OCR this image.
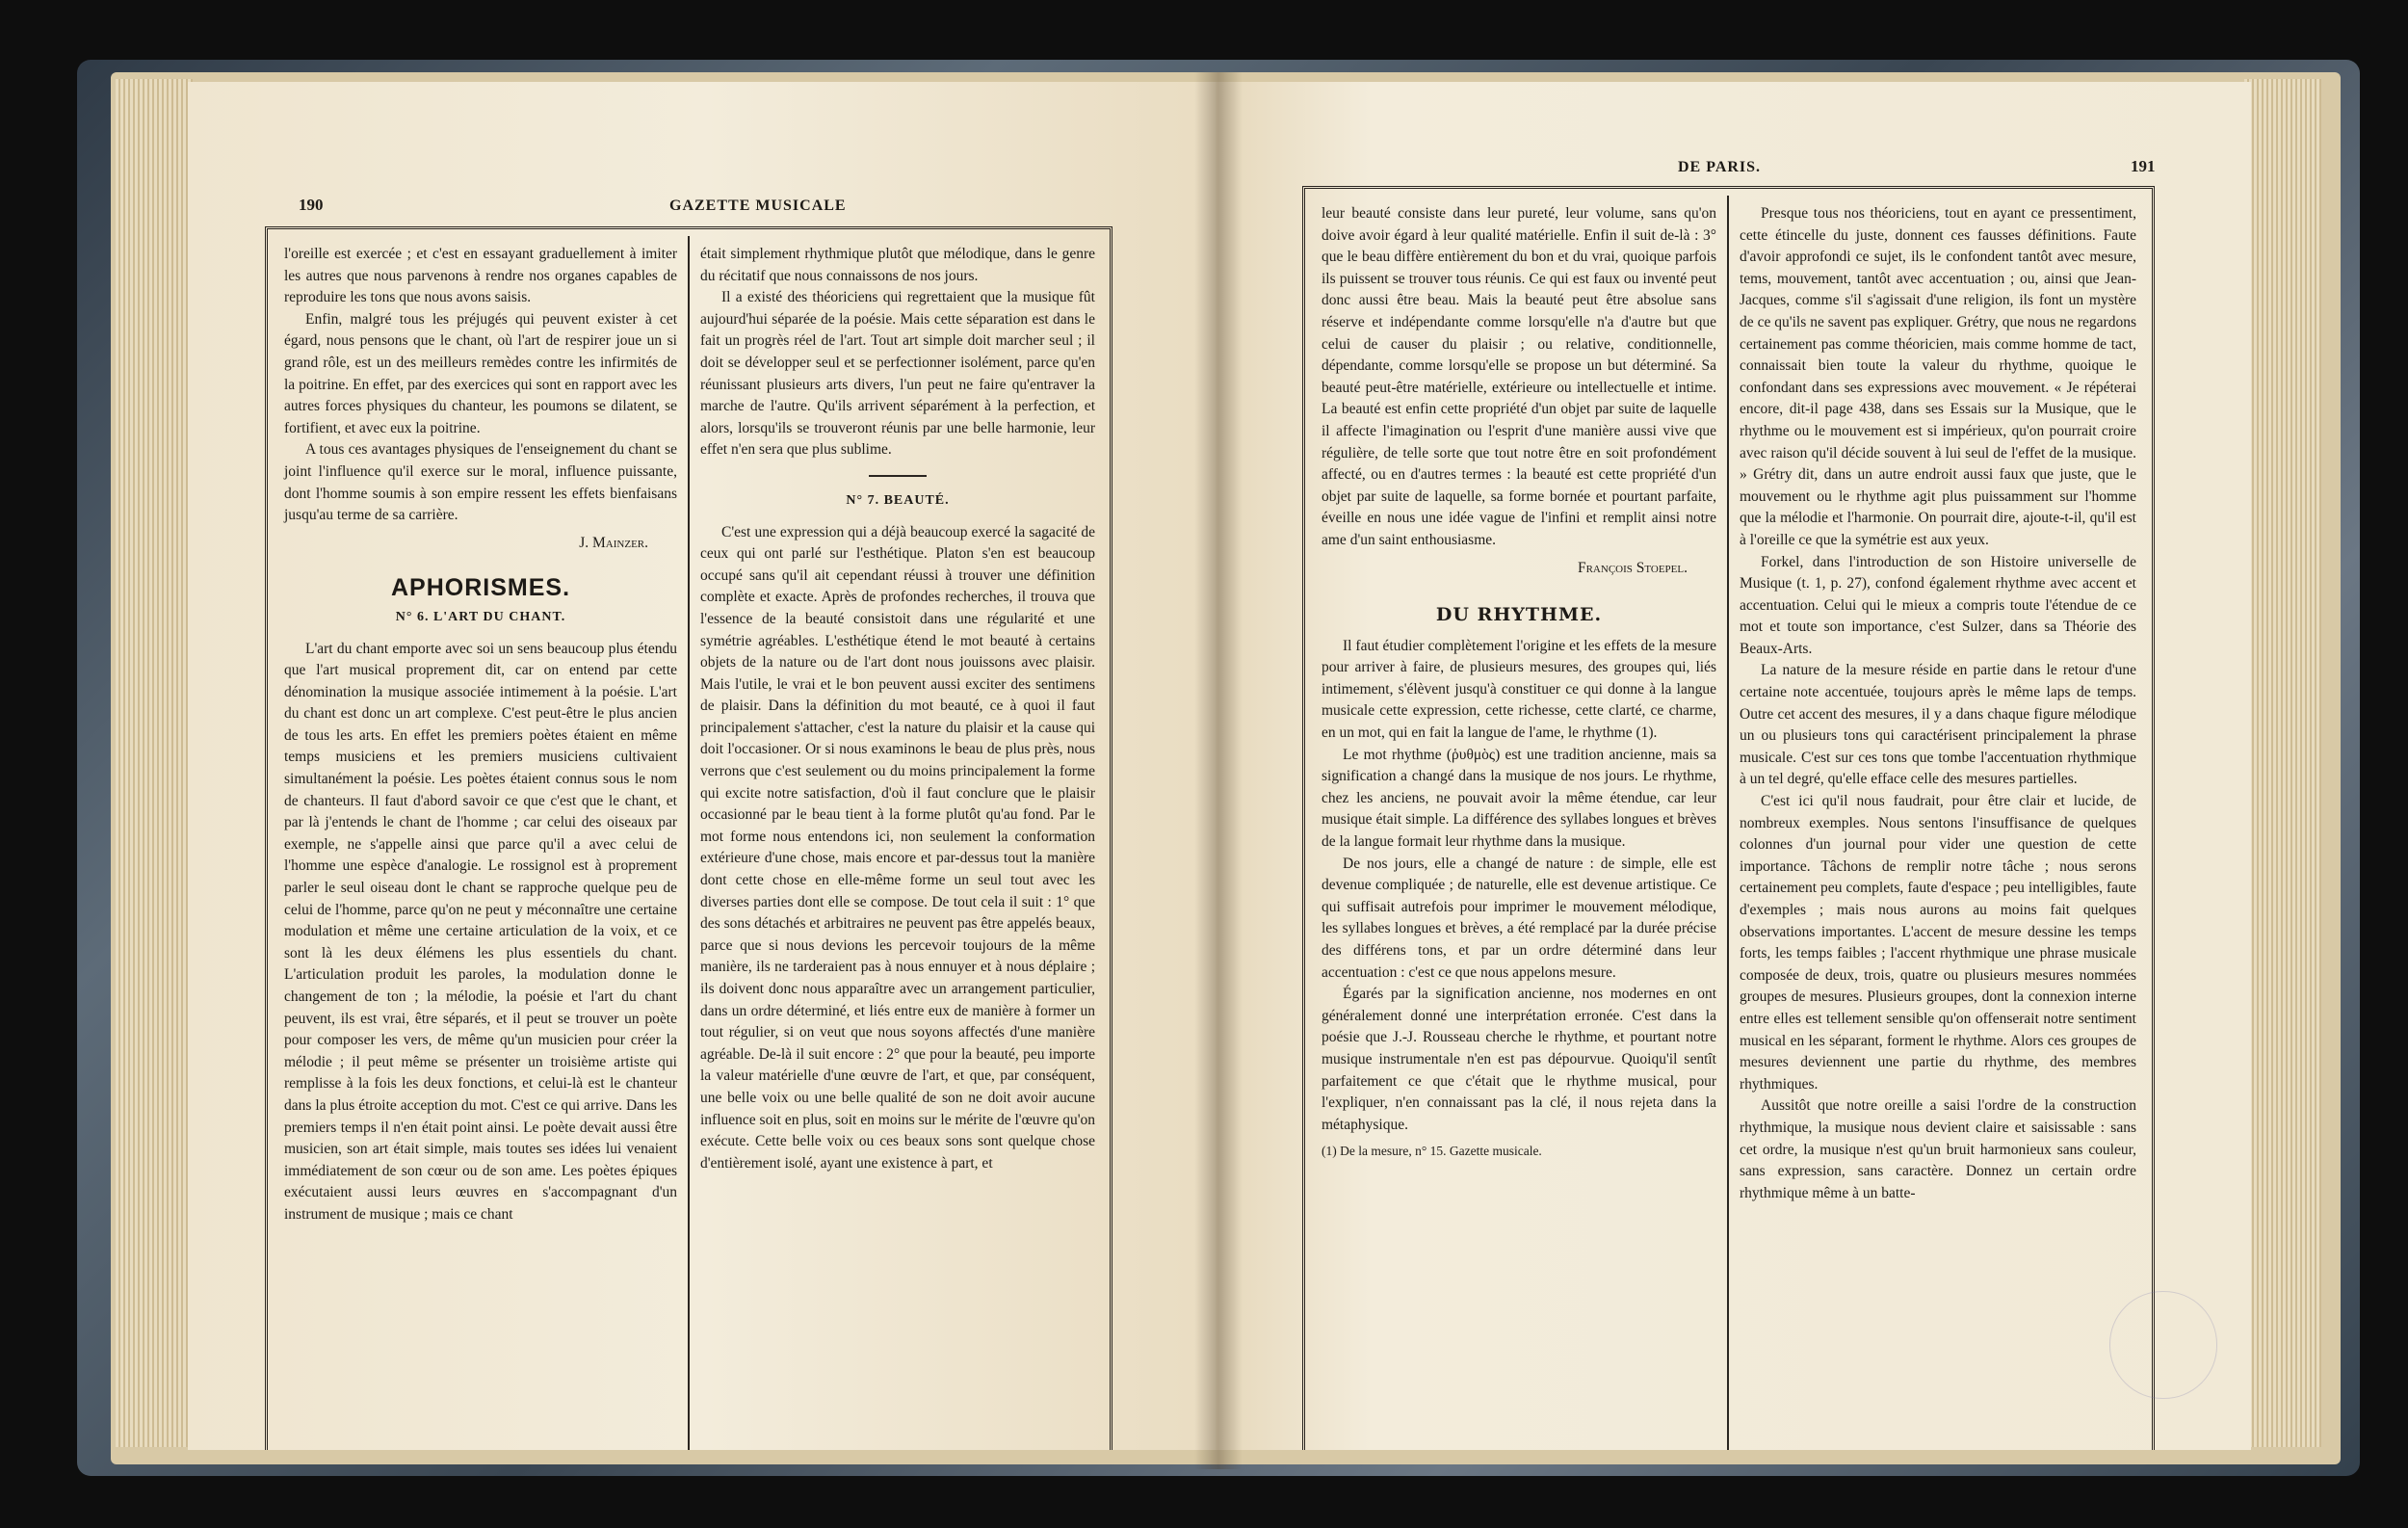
190	GAZETTE MUSICALE

l'oreille est exercée ; et c'est en essayant graduellement à imiter les autres que nous parvenons à rendre nos organes capables de reproduire les tons que nous avons saisis.

Enfin, malgré tous les préjugés qui peuvent exister à cet égard, nous pensons que le chant, où l'art de respirer joue un si grand rôle, est un des meilleurs remèdes contre les infirmités de la poitrine. En effet, par des exercices qui sont en rapport avec les autres forces physiques du chanteur, les poumons se dilatent, se fortifient, et avec eux la poitrine.

A tous ces avantages physiques de l'enseignement du chant se joint l'influence qu'il exerce sur le moral, influence puissante, dont l'homme soumis à son empire ressent les effets bienfaisans jusqu'au terme de sa carrière.

J. Mainzer.
APHORISMES.
N° 6. L'ART DU CHANT.

L'art du chant emporte avec soi un sens beaucoup plus étendu que l'art musical proprement dit, car on entend par cette dénomination la musique associée intimement à la poésie. L'art du chant est donc un art complexe. C'est peut-être le plus ancien de tous les arts. En effet les premiers poètes étaient en même temps musiciens et les premiers musiciens cultivaient simultanément la poésie. Les poètes étaient connus sous le nom de chanteurs. Il faut d'abord savoir ce que c'est que le chant, et par là j'entends le chant de l'homme ; car celui des oiseaux par exemple, ne s'appelle ainsi que parce qu'il a avec celui de l'homme une espèce d'analogie. Le rossignol est à proprement parler le seul oiseau dont le chant se rapproche quelque peu de celui de l'homme, parce qu'on ne peut y méconnaître une certaine modulation et même une certaine articulation de la voix, et ce sont là les deux élémens les plus essentiels du chant. L'articulation produit les paroles, la modulation donne le changement de ton ; la mélodie, la poésie et l'art du chant peuvent, ils est vrai, être séparés, et il peut se trouver un poète pour composer les vers, de même qu'un musicien pour créer la mélodie ; il peut même se présenter un troisième artiste qui remplisse à la fois les deux fonctions, et celui-là est le chanteur dans la plus étroite acception du mot. C'est ce qui arrive. Dans les premiers temps il n'en était point ainsi. Le poète devait aussi être musicien, son art était simple, mais toutes ses idées lui venaient immédiatement de son cœur ou de son ame. Les poètes épiques exécutaient aussi leurs œuvres en s'accompagnant d'un instrument de musique ; mais ce chant

était simplement rhythmique plutôt que mélodique, dans le genre du récitatif que nous connaissons de nos jours.

Il a existé des théoriciens qui regrettaient que la musique fût aujourd'hui séparée de la poésie. Mais cette séparation est dans le fait un progrès réel de l'art. Tout art simple doit marcher seul ; il doit se développer seul et se perfectionner isolément, parce qu'en réunissant plusieurs arts divers, l'un peut ne faire qu'entraver la marche de l'autre. Qu'ils arrivent séparément à la perfection, et alors, lorsqu'ils se trouveront réunis par une belle harmonie, leur effet n'en sera que plus sublime.

N° 7. BEAUTÉ.

C'est une expression qui a déjà beaucoup exercé la sagacité de ceux qui ont parlé sur l'esthétique. Platon s'en est beaucoup occupé sans qu'il ait cependant réussi à trouver une définition complète et exacte. Après de profondes recherches, il trouva que l'essence de la beauté consistoit dans une régularité et une symétrie agréables. L'esthétique étend le mot beauté à certains objets de la nature ou de l'art dont nous jouissons avec plaisir. Mais l'utile, le vrai et le bon peuvent aussi exciter des sentimens de plaisir. Dans la définition du mot beauté, ce à quoi il faut principalement s'attacher, c'est la nature du plaisir et la cause qui doit l'occasioner. Or si nous examinons le beau de plus près, nous verrons que c'est seulement ou du moins principalement la forme qui excite notre satisfaction, d'où il faut conclure que le plaisir occasionné par le beau tient à la forme plutôt qu'au fond. Par le mot forme nous entendons ici, non seulement la conformation extérieure d'une chose, mais encore et par-dessus tout la manière dont cette chose en elle-même forme un seul tout avec les diverses parties dont elle se compose. De tout cela il suit : 1° que des sons détachés et arbitraires ne peuvent pas être appelés beaux, parce que si nous devions les percevoir toujours de la même manière, ils ne tarderaient pas à nous ennuyer et à nous déplaire ; ils doivent donc nous apparaître avec un arrangement particulier, dans un ordre déterminé, et liés entre eux de manière à former un tout régulier, si on veut que nous soyons affectés d'une manière agréable. De-là il suit encore : 2° que pour la beauté, peu importe la valeur matérielle d'une œuvre de l'art, et que, par conséquent, une belle voix ou une belle qualité de son ne doit avoir aucune influence soit en plus, soit en moins sur le mérite de l'œuvre qu'on exécute. Cette belle voix ou ces beaux sons sont quelque chose d'entièrement isolé, ayant une existence à part, et

DE PARIS.	191

leur beauté consiste dans leur pureté, leur volume, sans qu'on doive avoir égard à leur qualité matérielle. Enfin il suit de-là : 3° que le beau diffère entièrement du bon et du vrai, quoique parfois ils puissent se trouver tous réunis. Ce qui est faux ou inventé peut donc aussi être beau. Mais la beauté peut être absolue sans réserve et indépendante comme lorsqu'elle n'a d'autre but que celui de causer du plaisir ; ou relative, conditionnelle, dépendante, comme lorsqu'elle se propose un but déterminé. Sa beauté peut-être matérielle, extérieure ou intellectuelle et intime. La beauté est enfin cette propriété d'un objet par suite de laquelle il affecte l'imagination ou l'esprit d'une manière aussi vive que régulière, de telle sorte que tout notre être en soit profondément affecté, ou en d'autres termes : la beauté est cette propriété d'un objet par suite de laquelle, sa forme bornée et pourtant parfaite, éveille en nous une idée vague de l'infini et remplit ainsi notre ame d'un saint enthousiasme.

François Stoepel.
DU RHYTHME.

Il faut étudier complètement l'origine et les effets de la mesure pour arriver à faire, de plusieurs mesures, des groupes qui, liés intimement, s'élèvent jusqu'à constituer ce qui donne à la langue musicale cette expression, cette richesse, cette clarté, ce charme, en un mot, qui en fait la langue de l'ame, le rhythme (1).

Le mot rhythme (ῥυθμὸς) est une tradition ancienne, mais sa signification a changé dans la musique de nos jours. Le rhythme, chez les anciens, ne pouvait avoir la même étendue, car leur musique était simple. La différence des syllabes longues et brèves de la langue formait leur rhythme dans la musique.

De nos jours, elle a changé de nature : de simple, elle est devenue compliquée ; de naturelle, elle est devenue artistique. Ce qui suffisait autrefois pour imprimer le mouvement mélodique, les syllabes longues et brèves, a été remplacé par la durée précise des différens tons, et par un ordre déterminé dans leur accentuation : c'est ce que nous appelons mesure.

Égarés par la signification ancienne, nos modernes en ont généralement donné une interprétation erronée. C'est dans la poésie que J.-J. Rousseau cherche le rhythme, et pourtant notre musique instrumentale n'en est pas dépourvue. Quoiqu'il sentît parfaitement ce que c'était que le rhythme musical, pour l'expliquer, n'en connaissant pas la clé, il nous rejeta dans la métaphysique.

(1) De la mesure, n° 15. Gazette musicale.

Presque tous nos théoriciens, tout en ayant ce pressentiment, cette étincelle du juste, donnent ces fausses définitions. Faute d'avoir approfondi ce sujet, ils le confondent tantôt avec mesure, tems, mouvement, tantôt avec accentuation ; ou, ainsi que Jean-Jacques, comme s'il s'agissait d'une religion, ils font un mystère de ce qu'ils ne savent pas expliquer. Grétry, que nous ne regardons certainement pas comme théoricien, mais comme homme de tact, connaissait bien toute la valeur du rhythme, quoique le confondant dans ses expressions avec mouvement. « Je répéterai encore, dit-il page 438, dans ses Essais sur la Musique, que le rhythme ou le mouvement est si impérieux, qu'on pourrait croire avec raison qu'il décide souvent à lui seul de l'effet de la musique. » Grétry dit, dans un autre endroit aussi faux que juste, que le mouvement ou le rhythme agit plus puissamment sur l'homme que la mélodie et l'harmonie. On pourrait dire, ajoute-t-il, qu'il est à l'oreille ce que la symétrie est aux yeux.

Forkel, dans l'introduction de son Histoire universelle de Musique (t. 1, p. 27), confond également rhythme avec accent et accentuation. Celui qui le mieux a compris toute l'étendue de ce mot et toute son importance, c'est Sulzer, dans sa Théorie des Beaux-Arts.

La nature de la mesure réside en partie dans le retour d'une certaine note accentuée, toujours après le même laps de temps. Outre cet accent des mesures, il y a dans chaque figure mélodique un ou plusieurs tons qui caractérisent principalement la phrase musicale. C'est sur ces tons que tombe l'accentuation rhythmique à un tel degré, qu'elle efface celle des mesures partielles.

C'est ici qu'il nous faudrait, pour être clair et lucide, de nombreux exemples. Nous sentons l'insuffisance de quelques colonnes d'un journal pour vider une question de cette importance. Tâchons de remplir notre tâche ; nous serons certainement peu complets, faute d'espace ; peu intelligibles, faute d'exemples ; mais nous aurons au moins fait quelques observations importantes. L'accent de mesure dessine les temps forts, les temps faibles ; l'accent rhythmique une phrase musicale composée de deux, trois, quatre ou plusieurs mesures nommées groupes de mesures. Plusieurs groupes, dont la connexion interne entre elles est tellement sensible qu'on offenserait notre sentiment musical en les séparant, forment le rhythme. Alors ces groupes de mesures deviennent une partie du rhythme, des membres rhythmiques.

Aussitôt que notre oreille a saisi l'ordre de la construction rhythmique, la musique nous devient claire et saisissable : sans cet ordre, la musique n'est qu'un bruit harmonieux sans couleur, sans expression, sans caractère. Donnez un certain ordre rhythmique même à un batte-
